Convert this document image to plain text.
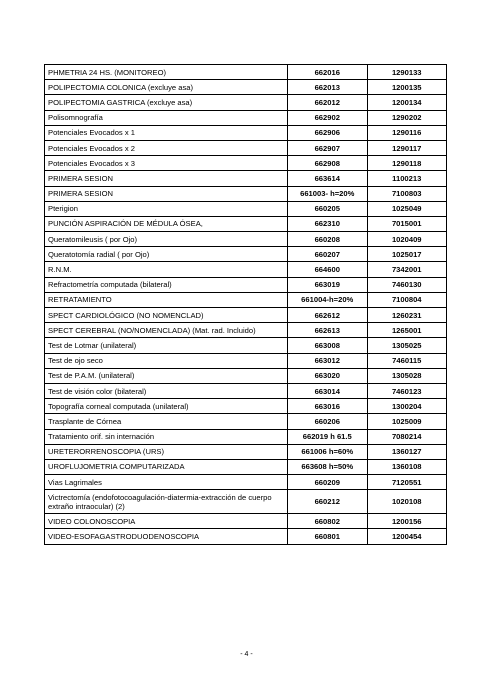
PHMETRIA 24 HS. (MONITOREO)	662016	1290133
POLIPECTOMIA COLONICA (excluye asa)	662013	1200135
POLIPECTOMIA GASTRICA (excluye asa)	662012	1200134
Polisomnografía	662902	1290202
Potenciales Evocados x 1	662906	1290116
Potenciales Evocados x 2	662907	1290117
Potenciales Evocados x 3	662908	1290118
PRIMERA SESION	663614	1100213
PRIMERA SESION	661003- h=20%	7100803
Pterigion	660205	1025049
PUNCIÓN ASPIRACIÓN DE MÉDULA ÓSEA,	662310	7015001
Queratomileusis ( por Ojo)	660208	1020409
Queratotomía radial ( por Ojo)	660207	1025017
R.N.M.	664600	7342001
Refractometría computada (bilateral)	663019	7460130
RETRATAMIENTO	661004-h=20%	7100804
SPECT CARDIOLÓGICO (NO NOMENCLAD)	662612	1260231
SPECT CEREBRAL (NO/NOMENCLADA) (Mat. rad. Incluido)	662613	1265001
Test de Lotmar (unilateral)	663008	1305025
Test de ojo seco	663012	7460115
Test de P.A.M. (unilateral)	663020	1305028
Test de visión color (bilateral)	663014	7460123
Topografía corneal computada (unilateral)	663016	1300204
Trasplante de Córnea	660206	1025009
Tratamiento orif. sin internación	662019 h 61.5	7080214
URETERORRENOSCOPIA (URS)	661006 h=60%	1360127
UROFLUJOMETRIA COMPUTARIZADA	663608 h=50%	1360108
Vias Lagrimales	660209	7120551
Victrectomía (endofotocoagulación-diatermia-extracción de cuerpo extraño intraocular) (2)	660212	1020108
VIDEO COLONOSCOPIA	660802	1200156
VIDEO-ESOFAGASTRODUODENOSCOPIA	660801	1200454
- 4 -
